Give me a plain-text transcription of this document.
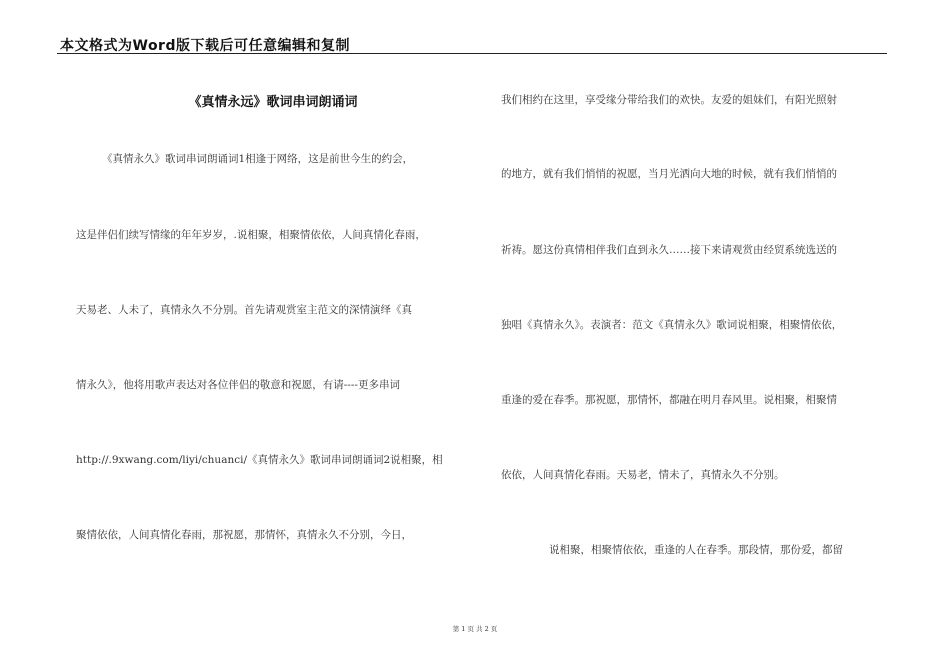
本文格式为Word版下载后可任意编辑和复制
《真情永远》歌词串词朗诵词
《真情永久》歌词串词朗诵词1相逢于网络，这是前世今生的约会，
这是伴侣们续写情缘的年年岁岁，.说相聚，相聚情依依，人间真情化春雨，
天易老、人未了，真情永久不分别。首先请观赏室主范文的深情演绎《真
情永久》，他将用歌声表达对各位伴侣的敬意和祝愿，有请----更多串词
http://.9xwang.com/liyi/chuanci/《真情永久》歌词串词朗诵词2说相聚，相
聚情依依，人间真情化春雨，那祝愿，那情怀，真情永久不分别，今日，
我们相约在这里，享受缘分带给我们的欢快。友爱的姐妹们，有阳光照射
的地方，就有我们悄悄的祝愿，当月光洒向大地的时候，就有我们悄悄的
祈祷。愿这份真情相伴我们直到永久……接下来请观赏由经贸系统选送的
独唱《真情永久》。表演者：范文《真情永久》歌词说相聚，相聚情依依，
重逢的爱在春季。那祝愿，那情怀，都融在明月春风里。说相聚，相聚情
依依，人间真情化春雨。天易老，情未了，真情永久不分别。
说相聚，相聚情依依，重逢的人在春季。那段情，那份爱，都留
第 1 页 共 2 页
